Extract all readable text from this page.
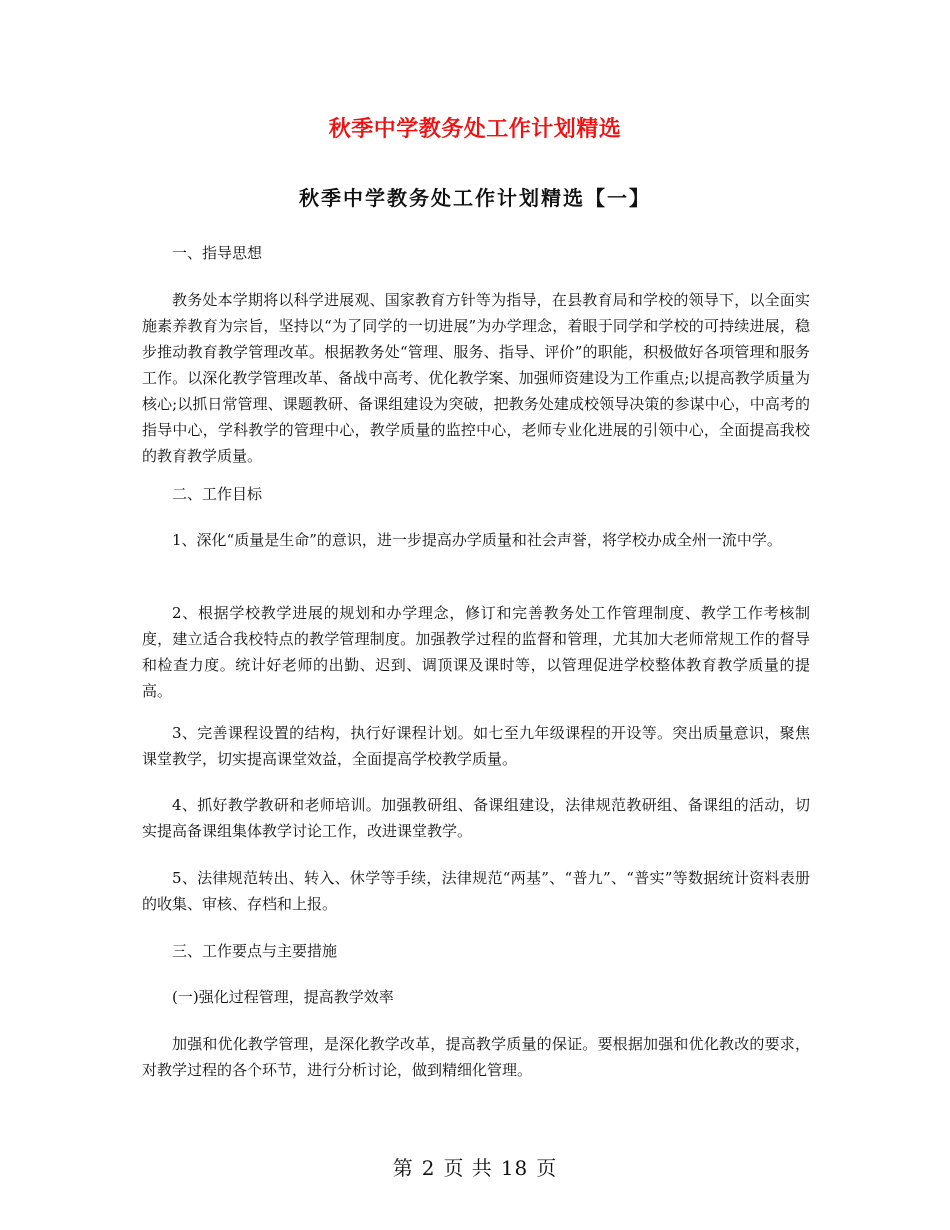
秋季中学教务处工作计划精选
秋季中学教务处工作计划精选【一】

一、指导思想

教务处本学期将以科学进展观、国家教育方针等为指导，在县教育局和学校的领导下，以全面实施素养教育为宗旨，坚持以“为了同学的一切进展”为办学理念，着眼于同学和学校的可持续进展，稳步推动教育教学管理改革。根据教务处“管理、服务、指导、评价”的职能，积极做好各项管理和服务工作。以深化教学管理改革、备战中高考、优化教学案、加强师资建设为工作重点;以提高教学质量为核心;以抓日常管理、课题教研、备课组建设为突破，把教务处建成校领导决策的参谋中心，中高考的指导中心，学科教学的管理中心，教学质量的监控中心，老师专业化进展的引领中心，全面提高我校的教育教学质量。

二、工作目标

1、深化“质量是生命”的意识，进一步提高办学质量和社会声誉，将学校办成全州一流中学。

2、根据学校教学进展的规划和办学理念，修订和完善教务处工作管理制度、教学工作考核制度，建立适合我校特点的教学管理制度。加强教学过程的监督和管理，尤其加大老师常规工作的督导和检查力度。统计好老师的出勤、迟到、调顶课及课时等，以管理促进学校整体教育教学质量的提高。

3、完善课程设置的结构，执行好课程计划。如七至九年级课程的开设等。突出质量意识，聚焦课堂教学，切实提高课堂效益，全面提高学校教学质量。

4、抓好教学教研和老师培训。加强教研组、备课组建设，法律规范教研组、备课组的活动，切实提高备课组集体教学讨论工作，改进课堂教学。

5、法律规范转出、转入、休学等手续，法律规范“两基”、“普九”、“普实”等数据统计资料表册的收集、审核、存档和上报。

三、工作要点与主要措施

(一)强化过程管理，提高教学效率

加强和优化教学管理，是深化教学改革，提高教学质量的保证。要根据加强和优化教改的要求，对教学过程的各个环节，进行分析讨论，做到精细化管理。

第 2 页 共 18 页
